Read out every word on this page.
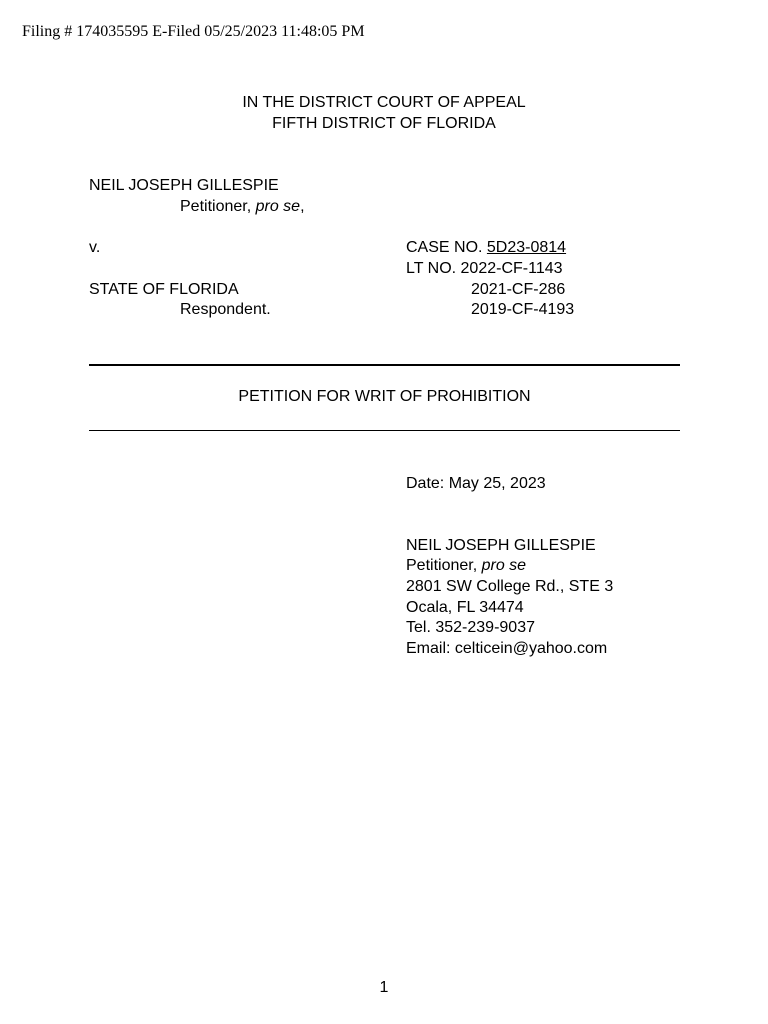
Filing # 174035595 E-Filed 05/25/2023 11:48:05 PM
IN THE DISTRICT COURT OF APPEAL
FIFTH DISTRICT OF FLORIDA
NEIL JOSEPH GILLESPIE
Petitioner, pro se,
v.
STATE OF FLORIDA
Respondent.
CASE NO. 5D23-0814
LT NO. 2022-CF-1143
2021-CF-286
2019-CF-4193
PETITION FOR WRIT OF PROHIBITION
Date: May 25, 2023
NEIL JOSEPH GILLESPIE
Petitioner, pro se
2801 SW College Rd., STE 3
Ocala, FL 34474
Tel. 352-239-9037
Email: celticein@yahoo.com
1
